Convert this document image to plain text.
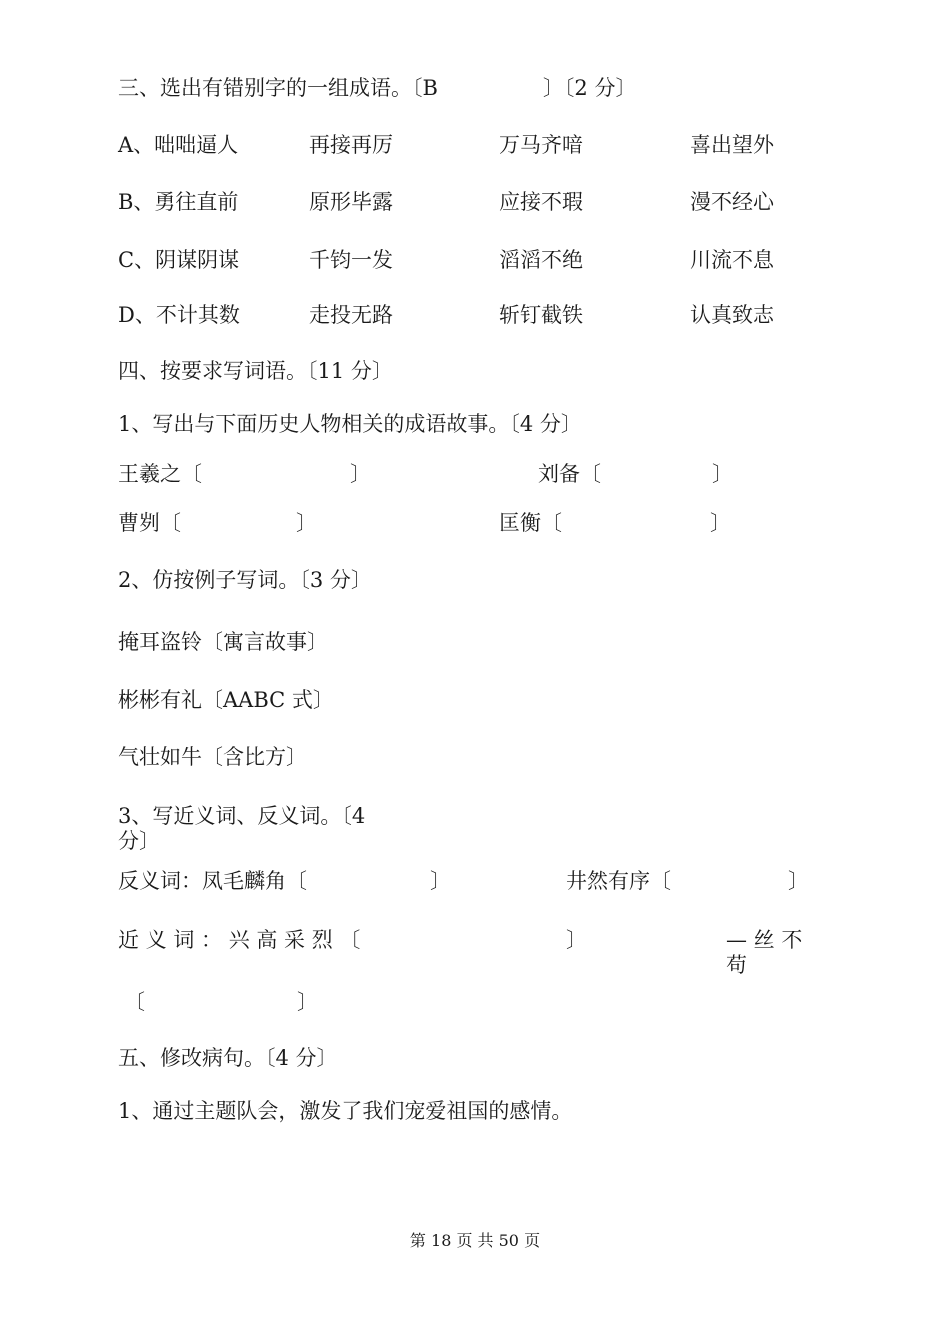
三、选出有错别字的一组成语。〔B　　　　　〕〔2 分〕
A、咄咄逼人	再接再厉	万马齐喑	喜出望外
B、勇往直前	原形毕露	应接不瑕	漫不经心
C、阴谋阴谋	千钧一发	滔滔不绝	川流不息
D、不计其数	走投无路	斩钉截铁	认真致志
四、按要求写词语。〔11 分〕
1、写出与下面历史人物相关的成语故事。〔4 分〕
王羲之〔	〕	刘备〔	〕
曹刿〔	〕	匡衡〔	〕
2、仿按例子写词。〔3 分〕
掩耳盗铃〔寓言故事〕
彬彬有礼〔AABC 式〕
气壮如牛〔含比方〕
3、写近义词、反义词。〔4
分〕
反义词：凤毛麟角〔	〕	井然有序〔	〕
近 义 词 ： 兴 高 采 烈 〔	〕	— 丝 不
苟
〔	〕
五、修改病句。〔4 分〕
1、通过主题队会，激发了我们宠爱祖国的感情。
第 18 页 共 50 页
